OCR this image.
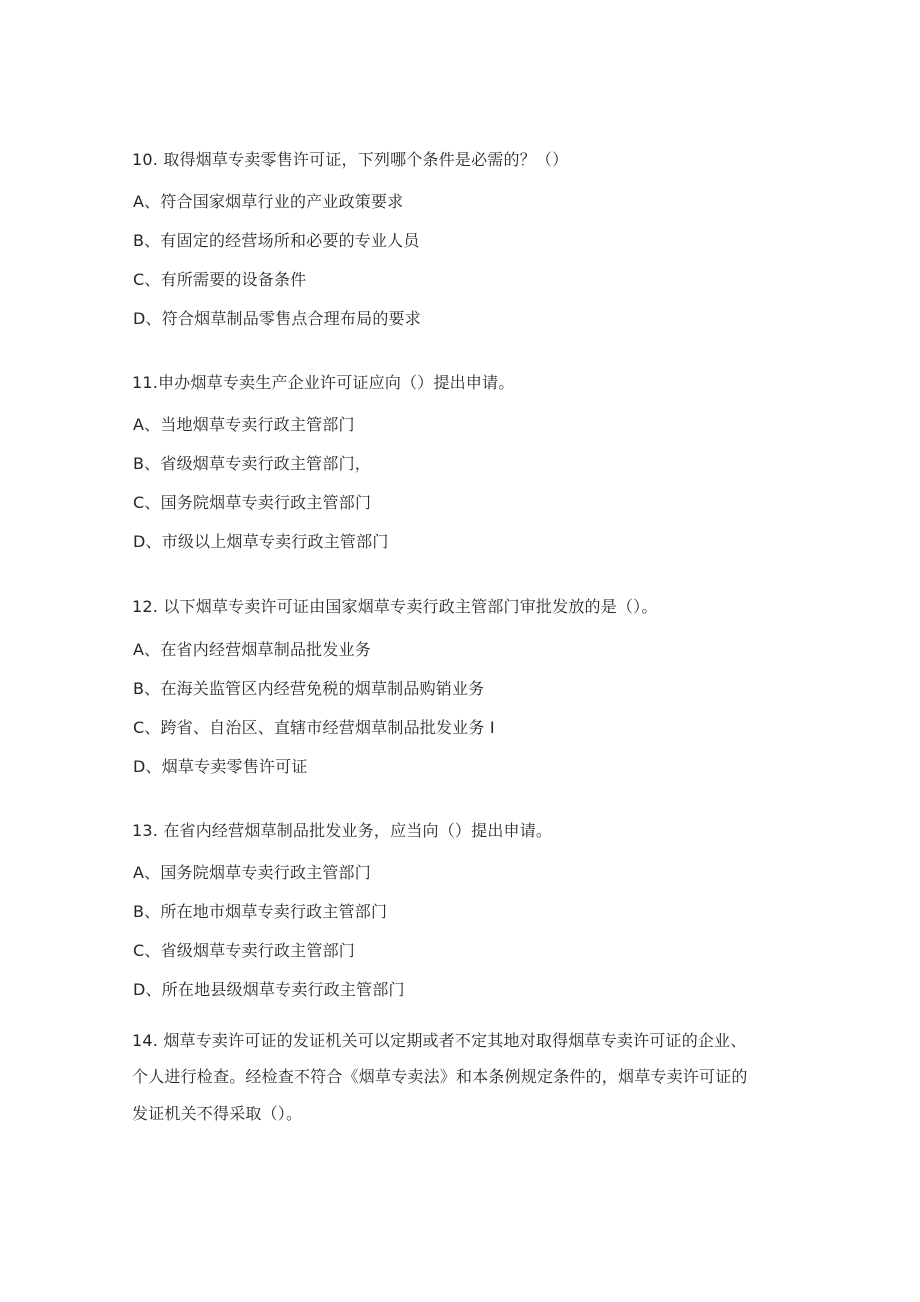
10. 取得烟草专卖零售许可证，下列哪个条件是必需的？（）
A、符合国家烟草行业的产业政策要求
B、有固定的经营场所和必要的专业人员
C、有所需要的设备条件
D、符合烟草制品零售点合理布局的要求
11.申办烟草专卖生产企业许可证应向（）提出申请。
A、当地烟草专卖行政主管部门
B、省级烟草专卖行政主管部门，
C、国务院烟草专卖行政主管部门
D、市级以上烟草专卖行政主管部门
12. 以下烟草专卖许可证由国家烟草专卖行政主管部门审批发放的是（）。
A、在省内经营烟草制品批发业务
B、在海关监管区内经营免税的烟草制品购销业务
C、跨省、自治区、直辖市经营烟草制品批发业务 I
D、烟草专卖零售许可证
13. 在省内经营烟草制品批发业务，应当向（）提出申请。
A、国务院烟草专卖行政主管部门
B、所在地市烟草专卖行政主管部门
C、省级烟草专卖行政主管部门
D、所在地县级烟草专卖行政主管部门
14. 烟草专卖许可证的发证机关可以定期或者不定其地对取得烟草专卖许可证的企业、
个人进行检查。经检查不符合《烟草专卖法》和本条例规定条件的，烟草专卖许可证的
发证机关不得采取（）。
